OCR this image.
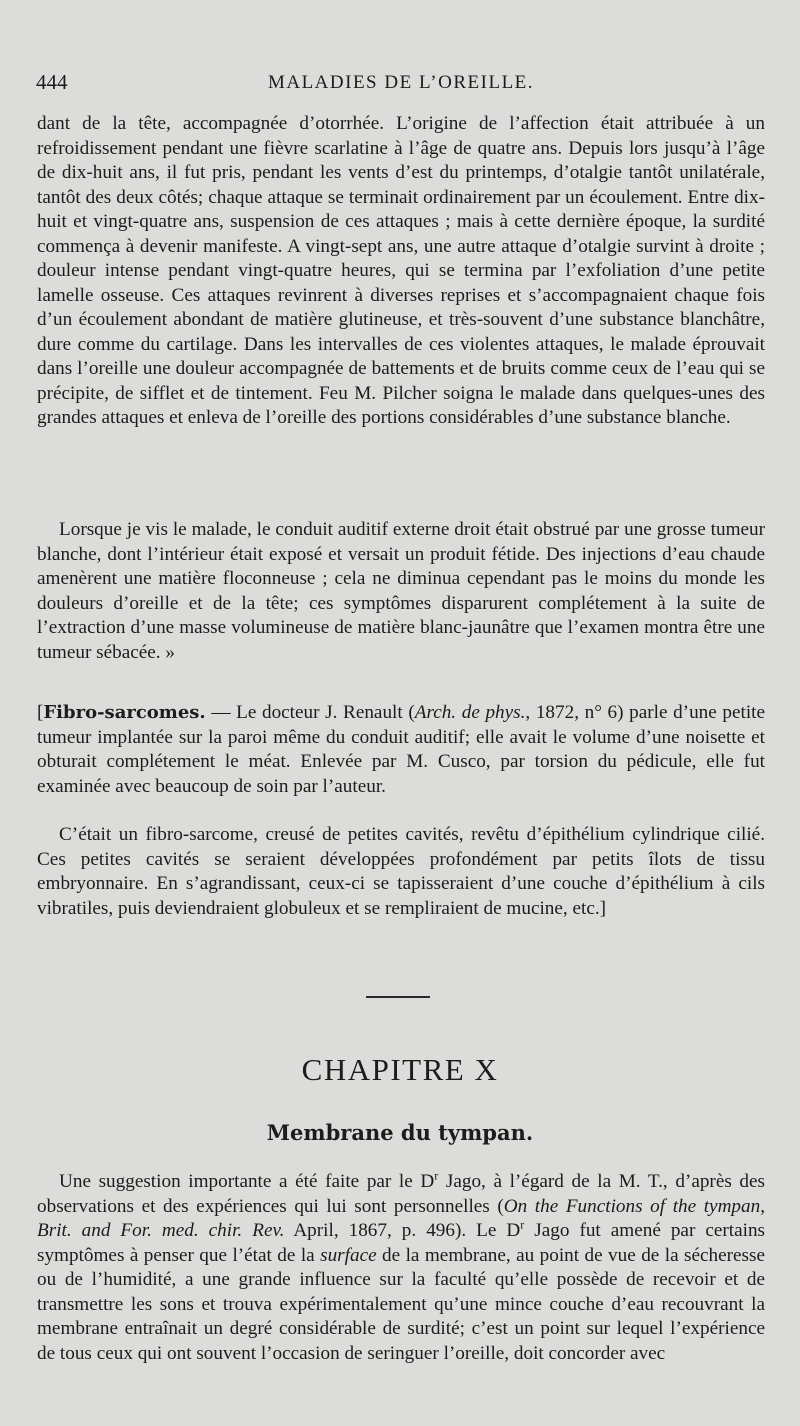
444	MALADIES DE L’OREILLE.

dant de la tête, accompagnée d’otorrhée. L’origine de l’affection était attribuée à un refroidissement pendant une fièvre scarlatine à l’âge de quatre ans. Depuis lors jusqu’à l’âge de dix-huit ans, il fut pris, pendant les vents d’est du printemps, d’otalgie tantôt unilatérale, tantôt des deux côtés; chaque attaque se terminait ordinairement par un écoulement. Entre dix-huit et vingt-quatre ans, suspension de ces attaques ; mais à cette dernière époque, la surdité commença à devenir manifeste. A vingt-sept ans, une autre attaque d’otalgie survint à droite ; douleur intense pendant vingt-quatre heures, qui se termina par l’exfoliation d’une petite lamelle osseuse. Ces attaques revinrent à diverses reprises et s’accompagnaient chaque fois d’un écoulement abondant de matière glutineuse, et très-souvent d’une substance blanchâtre, dure comme du cartilage. Dans les intervalles de ces violentes attaques, le malade éprouvait dans l’oreille une douleur accompagnée de battements et de bruits comme ceux de l’eau qui se précipite, de sifflet et de tintement. Feu M. Pilcher soigna le malade dans quelques-unes des grandes attaques et enleva de l’oreille des portions considérables d’une substance blanche.

Lorsque je vis le malade, le conduit auditif externe droit était obstrué par une grosse tumeur blanche, dont l’intérieur était exposé et versait un produit fétide. Des injections d’eau chaude amenèrent une matière floconneuse ; cela ne diminua cependant pas le moins du monde les douleurs d’oreille et de la tête; ces symptômes disparurent complétement à la suite de l’extraction d’une masse volumineuse de matière blanc-jaunâtre que l’examen montra être une tumeur sébacée. »

[Fibro-sarcomes. — Le docteur J. Renault (Arch. de phys., 1872, n° 6) parle d’une petite tumeur implantée sur la paroi même du conduit auditif; elle avait le volume d’une noisette et obturait complétement le méat. Enlevée par M. Cusco, par torsion du pédicule, elle fut examinée avec beaucoup de soin par l’auteur.

C’était un fibro-sarcome, creusé de petites cavités, revêtu d’épithélium cylindrique cilié. Ces petites cavités se seraient développées profondément par petits îlots de tissu embryonnaire. En s’agrandissant, ceux-ci se tapisseraient d’une couche d’épithélium à cils vibratiles, puis deviendraient globuleux et se rempliraient de mucine, etc.]

CHAPITRE X
Membrane du tympan.

Une suggestion importante a été faite par le $D^r$ Jago, à l’égard de la M. T., d’après des observations et des expériences qui lui sont personnelles (On the Functions of the tympan, Brit. and For. med. chir. Rev. April, 1867, p. 496). Le $D^r$ Jago fut amené par certains symptômes à penser que l’état de la surface de la membrane, au point de vue de la sécheresse ou de l’humidité, a une grande influence sur la faculté qu’elle possède de recevoir et de transmettre les sons et trouva expérimentalement qu’une mince couche d’eau recouvrant la membrane entraînait un degré considérable de surdité; c’est un point sur lequel l’expérience de tous ceux qui ont souvent l’occasion de seringuer l’oreille, doit concorder avec
